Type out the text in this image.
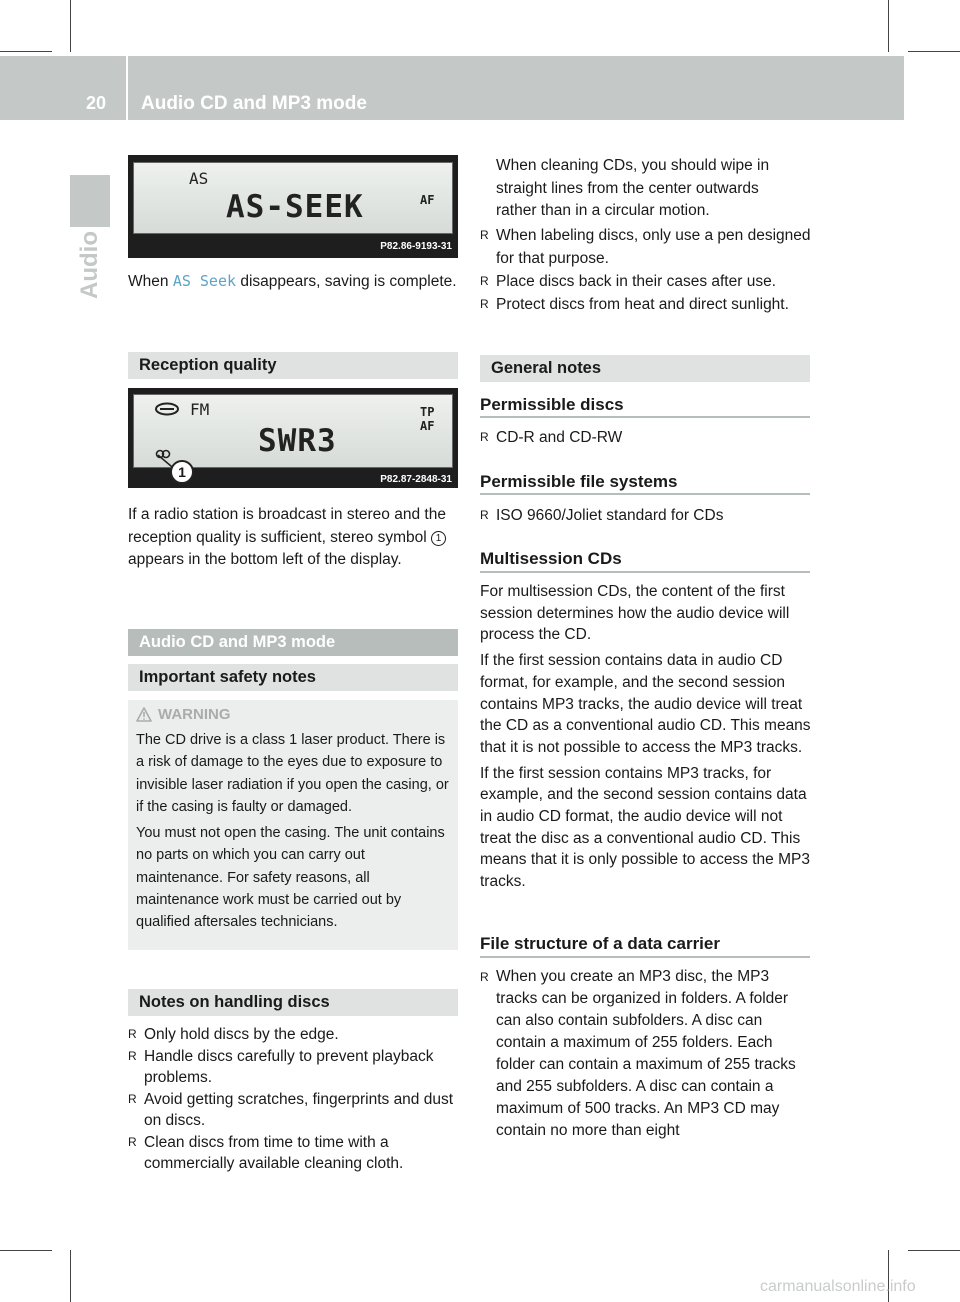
20 Audio CD and MP3 mode
Audio
AS
AS-SEEK	AF
P82.86-9193-31
When AS Seek disappears, saving is complete.
Reception quality
FM
SWR3
TP
AF
1	P82.87-2848-31
If a radio station is broadcast in stereo and the reception quality is sufficient, stereo symbol 1 appears in the bottom left of the display.
Audio CD and MP3 mode
Important safety notes
WARNING

The CD drive is a class 1 laser product. There is a risk of damage to the eyes due to exposure to invisible laser radiation if you open the casing, or if the casing is faulty or damaged.

You must not open the casing. The unit contains no parts on which you can carry out maintenance. For safety reasons, all maintenance work must be carried out by qualified aftersales technicians.

Notes on handling discs
R Only hold discs by the edge.
R Handle discs carefully to prevent playback problems.
R Avoid getting scratches, fingerprints and dust on discs.
R Clean discs from time to time with a commercially available cleaning cloth.
When cleaning CDs, you should wipe in straight lines from the center outwards rather than in a circular motion.
R When labeling discs, only use a pen designed for that purpose.
R Place discs back in their cases after use.
R Protect discs from heat and direct sunlight.
General notes
Permissible discs
R CD-R and CD-RW
Permissible file systems
R ISO 9660/Joliet standard for CDs
Multisession CDs
For multisession CDs, the content of the first session determines how the audio device will process the CD.
If the first session contains data in audio CD format, for example, and the second session contains MP3 tracks, the audio device will treat the CD as a conventional audio CD. This means that it is not possible to access the MP3 tracks.
If the first session contains MP3 tracks, for example, and the second session contains data in audio CD format, the audio device will not treat the disc as a conventional audio CD. This means that it is only possible to access the MP3 tracks.
File structure of a data carrier
R When you create an MP3 disc, the MP3 tracks can be organized in folders. A folder can also contain subfolders. A disc can contain a maximum of 255 folders. Each folder can contain a maximum of 255 tracks and 255 subfolders. A disc can contain a maximum of 500 tracks. An MP3 CD may contain no more than eight
carmanualsonline.info
